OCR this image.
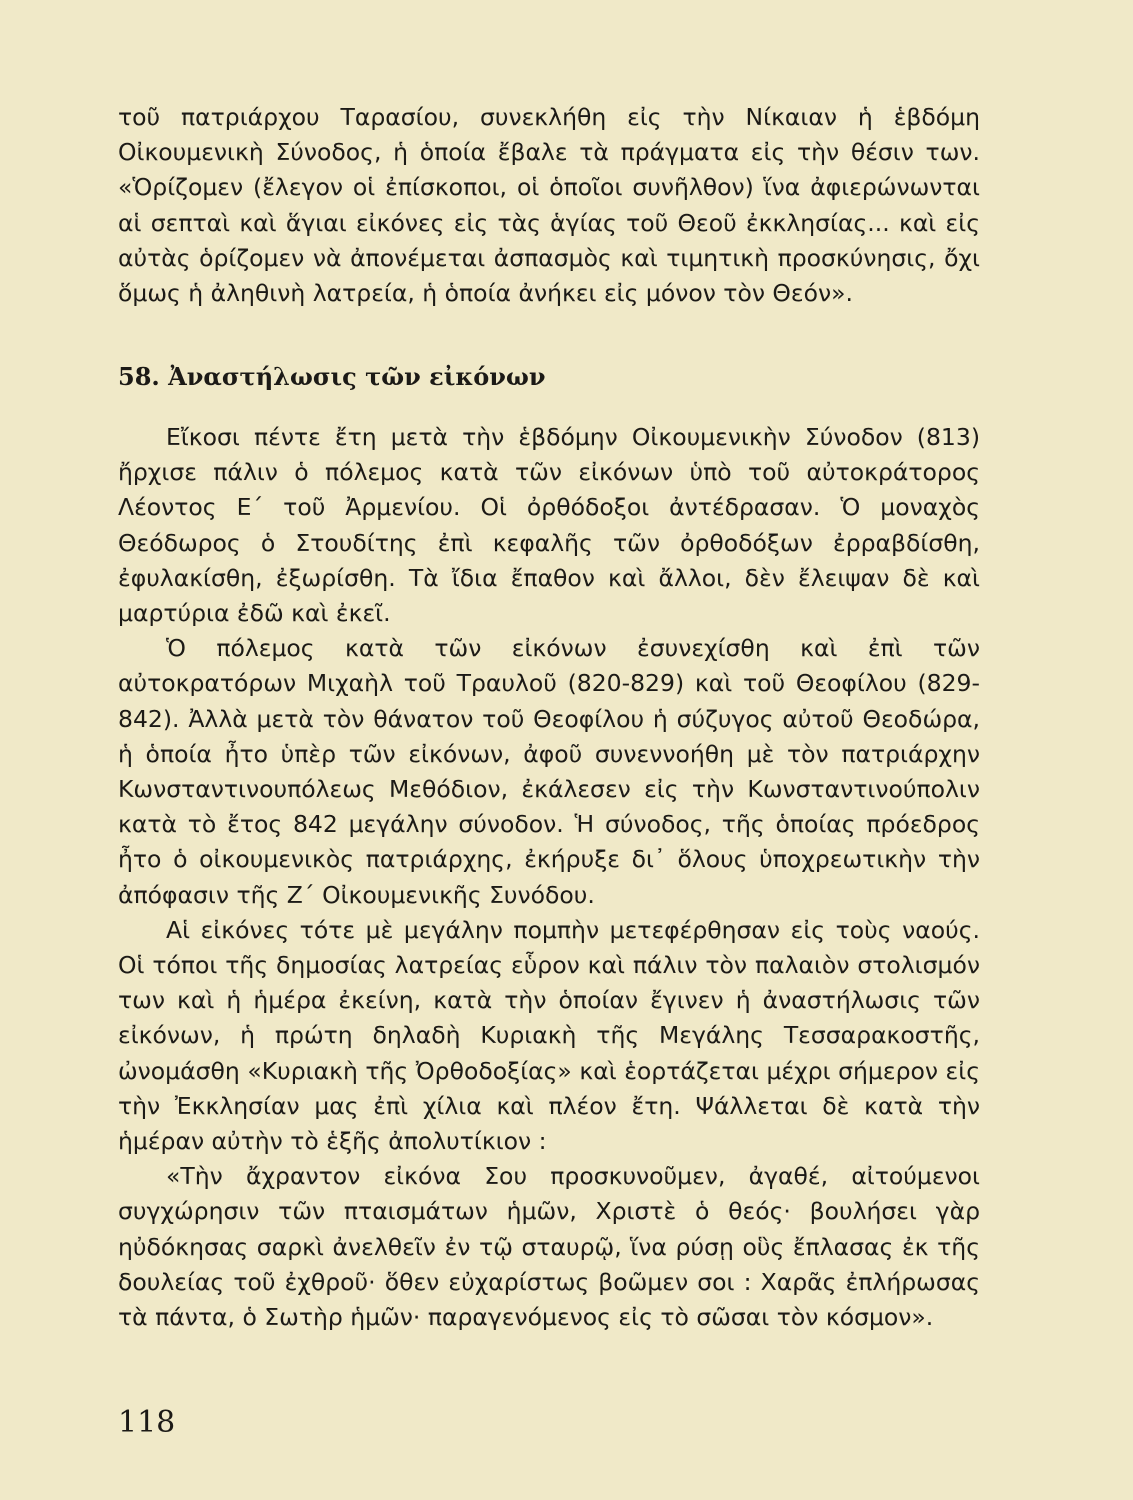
τοῦ πατριάρχου Ταρασίου, συνεκλήθη εἰς τὴν Νίκαιαν ἡ ἑβδόμη Οἰκουμενικὴ Σύνοδος, ἡ ὁποία ἔβαλε τὰ πράγματα εἰς τὴν θέσιν των. «Ὁρίζομεν (ἔλεγον οἱ ἐπίσκοποι, οἱ ὁποῖοι συνῆλθον) ἵνα ἀφιερώνωνται αἱ σεπταὶ καὶ ἅγιαι εἰκόνες εἰς τὰς ἁγίας τοῦ Θεοῦ ἐκκλησίας... καὶ εἰς αὐτὰς ὁρίζομεν νὰ ἀπονέμεται ἀσπασμὸς καὶ τιμητικὴ προσκύνησις, ὄχι ὅμως ἡ ἀληθινὴ λατρεία, ἡ ὁποία ἀνήκει εἰς μόνον τὸν Θεόν».

58. Ἀναστήλωσις τῶν εἰκόνων

Εἴκοσι πέντε ἔτη μετὰ τὴν ἑβδόμην Οἰκουμενικὴν Σύνοδον (813) ἤρχισε πάλιν ὁ πόλεμος κατὰ τῶν εἰκόνων ὑπὸ τοῦ αὐτοκράτορος Λέοντος Ε΄ τοῦ Ἀρμενίου. Οἱ ὀρθόδοξοι ἀντέδρασαν. Ὁ μοναχὸς Θεόδωρος ὁ Στουδίτης ἐπὶ κεφαλῆς τῶν ὀρθοδόξων ἐρραβδίσθη, ἐφυλακίσθη, ἐξωρίσθη. Τὰ ἴδια ἔπαθον καὶ ἄλλοι, δὲν ἔλειψαν δὲ καὶ μαρτύρια ἐδῶ καὶ ἐκεῖ.

Ὁ πόλεμος κατὰ τῶν εἰκόνων ἐσυνεχίσθη καὶ ἐπὶ τῶν αὐτοκρατόρων Μιχαὴλ τοῦ Τραυλοῦ (820-829) καὶ τοῦ Θεοφίλου (829-842). Ἀλλὰ μετὰ τὸν θάνατον τοῦ Θεοφίλου ἡ σύζυγος αὐτοῦ Θεοδώρα, ἡ ὁποία ἦτο ὑπὲρ τῶν εἰκόνων, ἀφοῦ συνεννοήθη μὲ τὸν πατριάρχην Κωνσταντινουπόλεως Μεθόδιον, ἐκάλεσεν εἰς τὴν Κωνσταντινούπολιν κατὰ τὸ ἔτος 842 μεγάλην σύνοδον. Ἡ σύνοδος, τῆς ὁποίας πρόεδρος ἦτο ὁ οἰκουμενικὸς πατριάρχης, ἐκήρυξε δι᾿ ὅλους ὑποχρεωτικὴν τὴν ἀπόφασιν τῆς Ζ΄ Οἰκουμενικῆς Συνόδου.

Αἱ εἰκόνες τότε μὲ μεγάλην πομπὴν μετεφέρθησαν εἰς τοὺς ναούς. Οἱ τόποι τῆς δημοσίας λατρείας εὗρον καὶ πάλιν τὸν παλαιὸν στολισμόν των καὶ ἡ ἡμέρα ἐκείνη, κατὰ τὴν ὁποίαν ἔγινεν ἡ ἀναστήλωσις τῶν εἰκόνων, ἡ πρώτη δηλαδὴ Κυριακὴ τῆς Μεγάλης Τεσσαρακοστῆς, ὠνομάσθη «Κυριακὴ τῆς Ὀρθοδοξίας» καὶ ἑορτάζεται μέχρι σήμερον εἰς τὴν Ἐκκλησίαν μας ἐπὶ χίλια καὶ πλέον ἔτη. Ψάλλεται δὲ κατὰ τὴν ἡμέραν αὐτὴν τὸ ἑξῆς ἀπολυτίκιον :

«Τὴν ἄχραντον εἰκόνα Σου προσκυνοῦμεν, ἀγαθέ, αἰτούμενοι συγχώρησιν τῶν πταισμάτων ἡμῶν, Χριστὲ ὁ θεός· βουλήσει γὰρ ηὐδόκησας σαρκὶ ἀνελθεῖν ἐν τῷ σταυρῷ, ἵνα ρύσῃ οὓς ἔπλασας ἐκ τῆς δουλείας τοῦ ἐχθροῦ· ὅθεν εὐχαρίστως βοῶμεν σοι : Χαρᾶς ἐπλήρωσας τὰ πάντα, ὁ Σωτὴρ ἡμῶν· παραγενόμενος εἰς τὸ σῶσαι τὸν κόσμον».

118
